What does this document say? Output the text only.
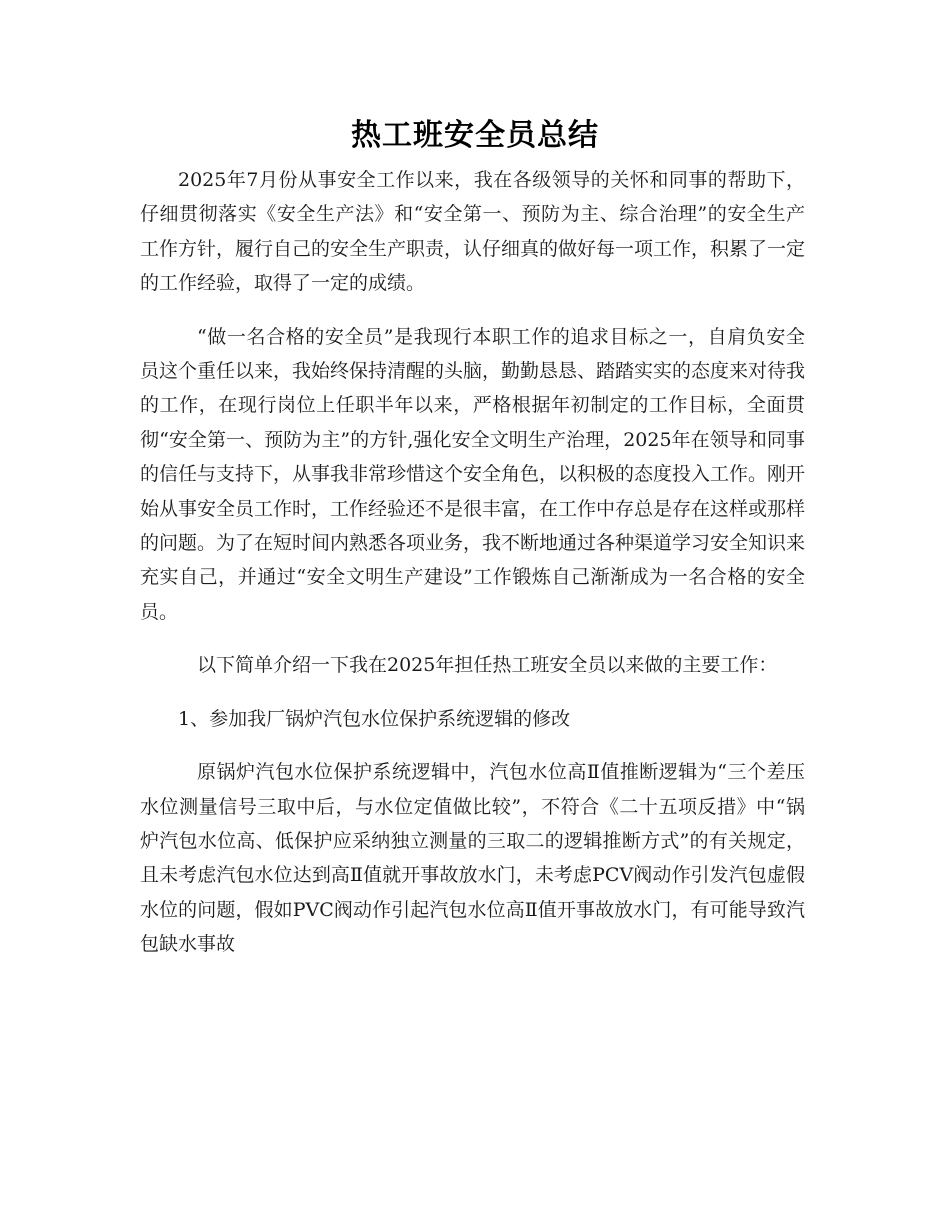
热工班安全员总结

2025年7月份从事安全工作以来，我在各级领导的关怀和同事的帮助下，仔细贯彻落实《安全生产法》和“安全第一、预防为主、综合治理”的安全生产工作方针，履行自己的安全生产职责，认仔细真的做好每一项工作，积累了一定的工作经验，取得了一定的成绩。

“做一名合格的安全员”是我现行本职工作的追求目标之一，自肩负安全员这个重任以来，我始终保持清醒的头脑，勤勤恳恳、踏踏实实的态度来对待我的工作，在现行岗位上任职半年以来，严格根据年初制定的工作目标，全面贯彻“安全第一、预防为主”的方针,强化安全文明生产治理，2025年在领导和同事的信任与支持下，从事我非常珍惜这个安全角色，以积极的态度投入工作。刚开始从事安全员工作时，工作经验还不是很丰富，在工作中存总是存在这样或那样的问题。为了在短时间内熟悉各项业务，我不断地通过各种渠道学习安全知识来充实自己，并通过“安全文明生产建设”工作锻炼自己渐渐成为一名合格的安全员。

以下简单介绍一下我在2025年担任热工班安全员以来做的主要工作：

1、参加我厂锅炉汽包水位保护系统逻辑的修改

原锅炉汽包水位保护系统逻辑中，汽包水位高Ⅱ值推断逻辑为“三个差压水位测量信号三取中后，与水位定值做比较”，不符合《二十五项反措》中“锅炉汽包水位高、低保护应采纳独立测量的三取二的逻辑推断方式”的有关规定，且未考虑汽包水位达到高Ⅱ值就开事故放水门，未考虑PCV阀动作引发汽包虚假水位的问题，假如PVC阀动作引起汽包水位高Ⅱ值开事故放水门，有可能导致汽包缺水事故
